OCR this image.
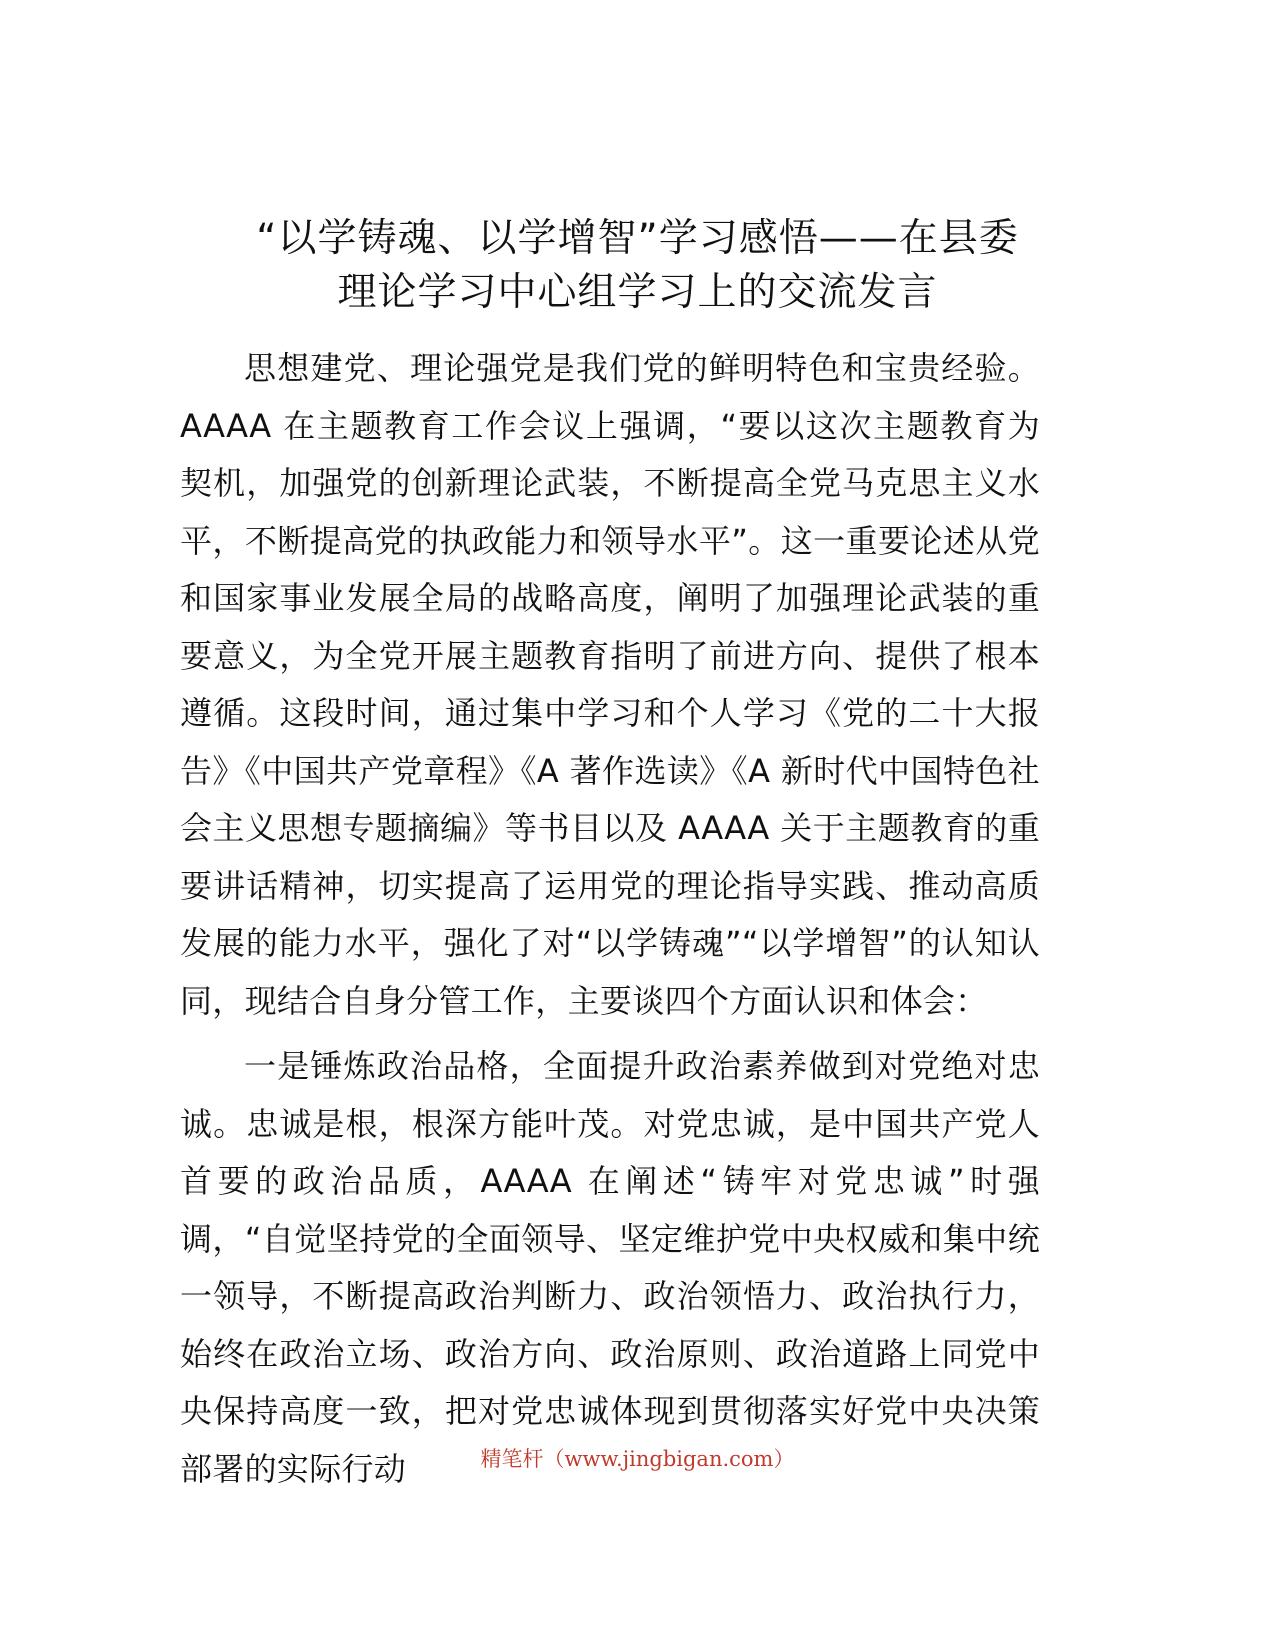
“以学铸魂、以学增智”学习感悟——在县委
理论学习中心组学习上的交流发言

思想建党、理论强党是我们党的鲜明特色和宝贵经验。AAAA 在主题教育工作会议上强调，“要以这次主题教育为契机，加强党的创新理论武装，不断提高全党马克思主义水平，不断提高党的执政能力和领导水平”。这一重要论述从党和国家事业发展全局的战略高度，阐明了加强理论武装的重要意义，为全党开展主题教育指明了前进方向、提供了根本遵循。这段时间，通过集中学习和个人学习《党的二十大报告》《中国共产党章程》《A 著作选读》《A 新时代中国特色社会主义思想专题摘编》等书目以及 AAAA 关于主题教育的重要讲话精神，切实提高了运用党的理论指导实践、推动高质发展的能力水平，强化了对“以学铸魂”“以学增智”的认知认同，现结合自身分管工作，主要谈四个方面认识和体会：

一是锤炼政治品格，全面提升政治素养做到对党绝对忠诚。忠诚是根，根深方能叶茂。对党忠诚，是中国共产党人首要的政治品质，AAAA 在阐述“铸牢对党忠诚”时强调，“自觉坚持党的全面领导、坚定维护党中央权威和集中统一领导，不断提高政治判断力、政治领悟力、政治执行力，始终在政治立场、政治方向、政治原则、政治道路上同党中央保持高度一致，把对党忠诚体现到贯彻落实好党中央决策部署的实际行动	精笔杆（www.jingbigan.com）
